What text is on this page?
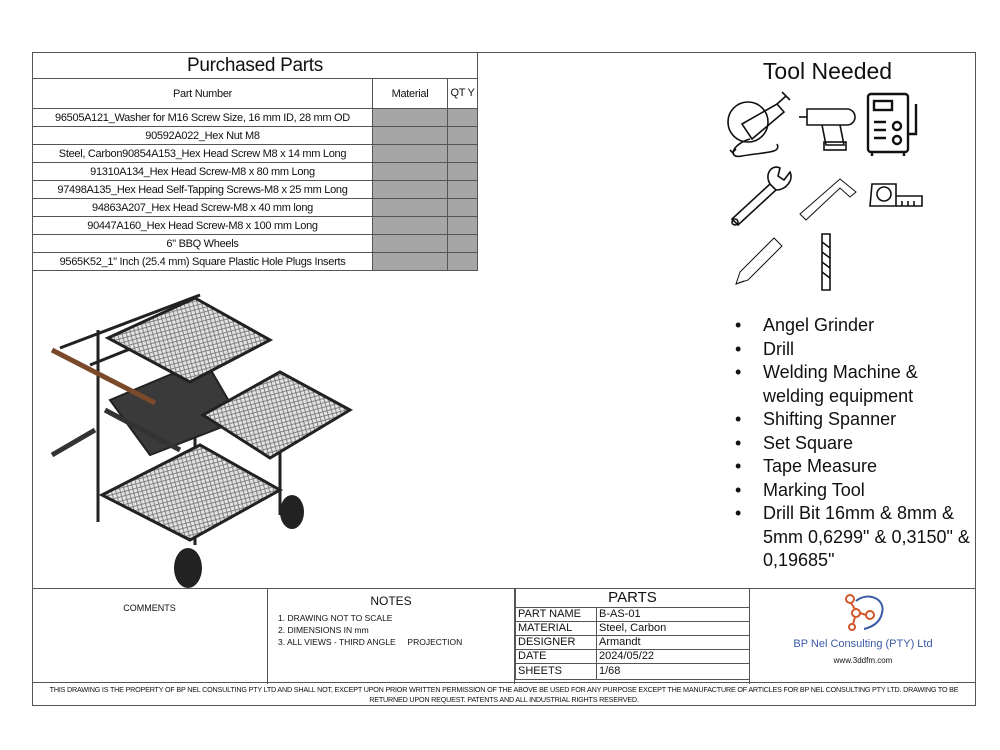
Purchased Parts		
Part Number	Material	QT Y
96505A121_Washer for M16 Screw Size, 16 mm ID, 28 mm OD		
90592A022_Hex Nut M8		
Steel, Carbon90854A153_Hex Head Screw M8 x 14 mm Long		
91310A134_Hex Head Screw-M8 x 80 mm Long		
97498A135_Hex Head Self-Tapping Screws-M8 x 25 mm Long		
94863A207_Hex Head Screw-M8 x 40 mm long		
90447A160_Hex Head Screw-M8 x 100 mm Long		
6" BBQ Wheels		
9565K52_1" Inch (25.4 mm) Square Plastic Hole Plugs Inserts		
Tool Needed
• Angel Grinder
• Drill
• Welding Machine & welding equipment
• Shifting Spanner
• Set Square
• Tape Measure
• Marking Tool
• Drill Bit 16mm & 8mm & 5mm 0,6299" & 0,3150" & 0,19685"
COMMENTS	NOTES
1. DRAWING NOT TO SCALE
2. DIMENSIONS IN mm
3. ALL VIEWS - THIRD ANGLE     PROJECTION
PARTS	
PART NAME	B-AS-01
MATERIAL	Steel, Carbon
DESIGNER	Armandt
DATE	2024/05/22
SHEETS	1/68
BP Nel Consulting (PTY) Ltd
www.3ddfm.com
THIS DRAWING IS THE PROPERTY OF BP NEL CONSULTING PTY LTD AND SHALL NOT, EXCEPT UPON PRIOR WRITTEN PERMISSION OF THE ABOVE BE USED FOR ANY PURPOSE EXCEPT THE MANUFACTURE OF ARTICLES FOR BP NEL CONSULTING PTY LTD. DRAWING TO BE RETURNED UPON REQUEST. PATENTS AND ALL INDUSTRIAL RIGHTS RESERVED.
